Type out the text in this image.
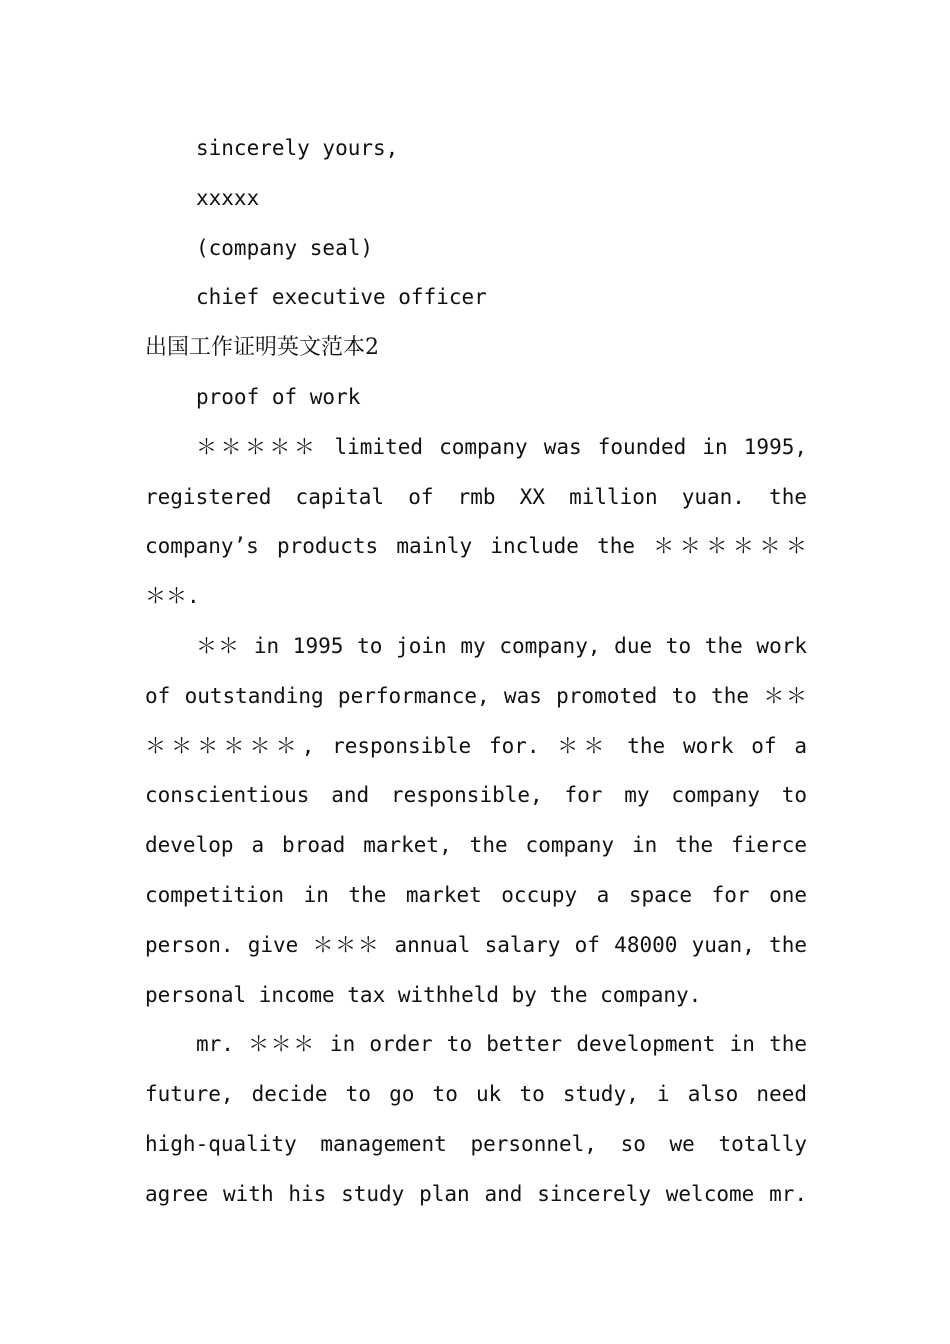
sincerely yours,
xxxxx
(company seal)
chief executive officer
出国工作证明英文范本2
proof of work
＊＊＊＊＊ limited company was founded in 1995,
registered capital of rmb XX million yuan. the
company’s products mainly include the ＊＊＊＊＊＊
＊＊.
＊＊ in 1995 to join my company, due to the work
of outstanding performance, was promoted to the ＊＊
＊＊＊＊＊＊, responsible for. ＊＊ the work of a
conscientious and responsible, for my company to
develop a broad market, the company in the fierce
competition in the market occupy a space for one
person. give ＊＊＊ annual salary of 48000 yuan, the
personal income tax withheld by the company.
mr. ＊＊＊ in order to better development in the
future, decide to go to uk to study, i also need
high-quality management personnel, so we totally
agree with his study plan and sincerely welcome mr.
